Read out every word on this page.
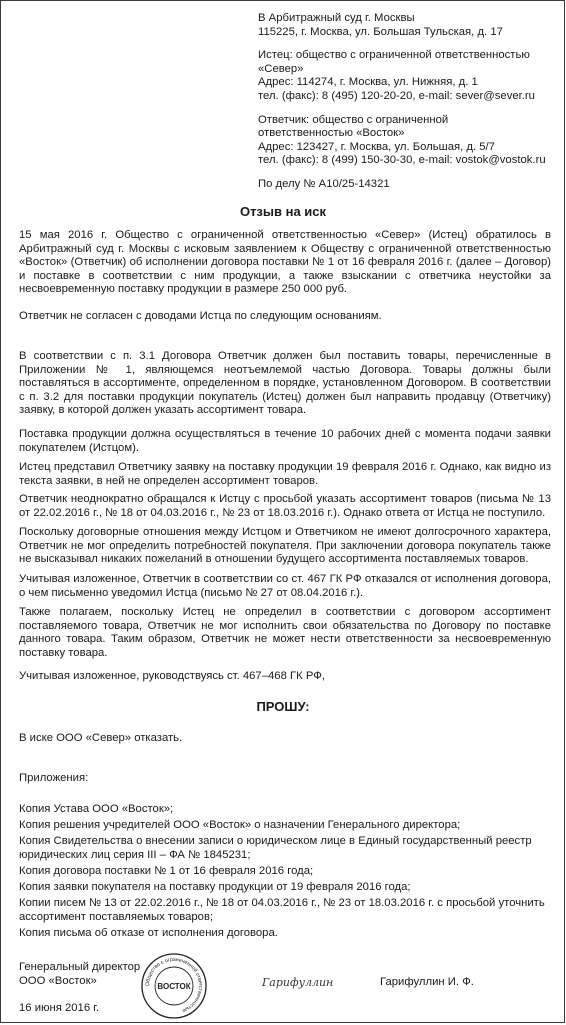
В Арбитражный суд г. Москвы
115225, г. Москва, ул. Большая Тульская, д. 17
Истец: общество с ограниченной ответственностью
«Север»
Адрес: 114274, г. Москва, ул. Нижняя, д. 1
тел. (факс): 8 (495) 120-20-20, e-mail: sever@sever.ru
Ответчик: общество с ограниченной
ответственностью «Восток»
Адрес: 123427, г. Москва, ул. Большая, д. 5/7
тел. (факс): 8 (499) 150-30-30, e-mail: vostok@vostok.ru
По делу № А10/25-14321
Отзыв на иск
15 мая 2016 г. Общество с ограниченной ответственностью «Север» (Истец) обратилось в Арбитражный суд г. Москвы с исковым заявлением к Обществу с ограниченной ответственностью «Восток» (Ответчик) об исполнении договора поставки № 1 от 16 февраля 2016 г. (далее – Договор) и поставке в соответствии с ним продукции, а также взыскании с ответчика неустойки за несвоевременную поставку продукции в размере 250 000 руб.
Ответчик не согласен с доводами Истца по следующим основаниям.
В соответствии с п. 3.1 Договора Ответчик должен был поставить товары, перечисленные в Приложении № 1, являющемся неотъемлемой частью Договора. Товары должны были поставляться в ассортименте, определенном в порядке, установленном Договором. В соответствии с п. 3.2 для поставки продукции покупатель (Истец) должен был направить продавцу (Ответчику) заявку, в которой должен указать ассортимент товара.
Поставка продукции должна осуществляться в течение 10 рабочих дней с момента подачи заявки покупателем (Истцом).
Истец представил Ответчику заявку на поставку продукции 19 февраля 2016 г. Однако, как видно из текста заявки, в ней не определен ассортимент товаров.
Ответчик неоднократно обращался к Истцу с просьбой указать ассортимент товаров (письма № 13 от 22.02.2016 г., № 18 от 04.03.2016 г., № 23 от 18.03.2016 г.). Однако ответа от Истца не поступило.
Поскольку договорные отношения между Истцом и Ответчиком не имеют долгосрочного характера, Ответчик не мог определить потребностей покупателя. При заключении договора покупатель также не высказывал никаких пожеланий в отношении будущего ассортимента поставляемых товаров.
Учитывая изложенное, Ответчик в соответствии со ст. 467 ГК РФ отказался от исполнения договора, о чем письменно уведомил Истца (письмо № 27 от 08.04.2016 г.).
Также полагаем, поскольку Истец не определил в соответствии с договором ассортимент поставляемого товара, Ответчик не мог исполнить свои обязательства по Договору по поставке данного товара. Таким образом, Ответчик не может нести ответственности за несвоевременную поставку товара.
Учитывая изложенное, руководствуясь ст. 467–468 ГК РФ,
ПРОШУ:
В иске ООО «Север» отказать.
Приложения:
Копия Устава ООО «Восток»;
Копия решения учредителей ООО «Восток» о назначении Генерального директора;
Копия Свидетельства о внесении записи о юридическом лице в Единый государственный реестр юридических лиц серия III – ФА № 1845231;
Копия договора поставки № 1 от 16 февраля 2016 года;
Копия заявки покупателя на поставку продукции от 19 февраля 2016 года;
Копии писем № 13 от 22.02.2016 г., № 18 от 04.03.2016 г., № 23 от 18.03.2016 г. с просьбой уточнить ассортимент поставляемых товаров;
Копия письма об отказе от исполнения договора.
Генеральный директор
ООО «Восток»	Общество с ограниченной ответственностью
ВОСТОК	Гарифуллин	Гарифуллин И. Ф.
16 июня 2016 г.
